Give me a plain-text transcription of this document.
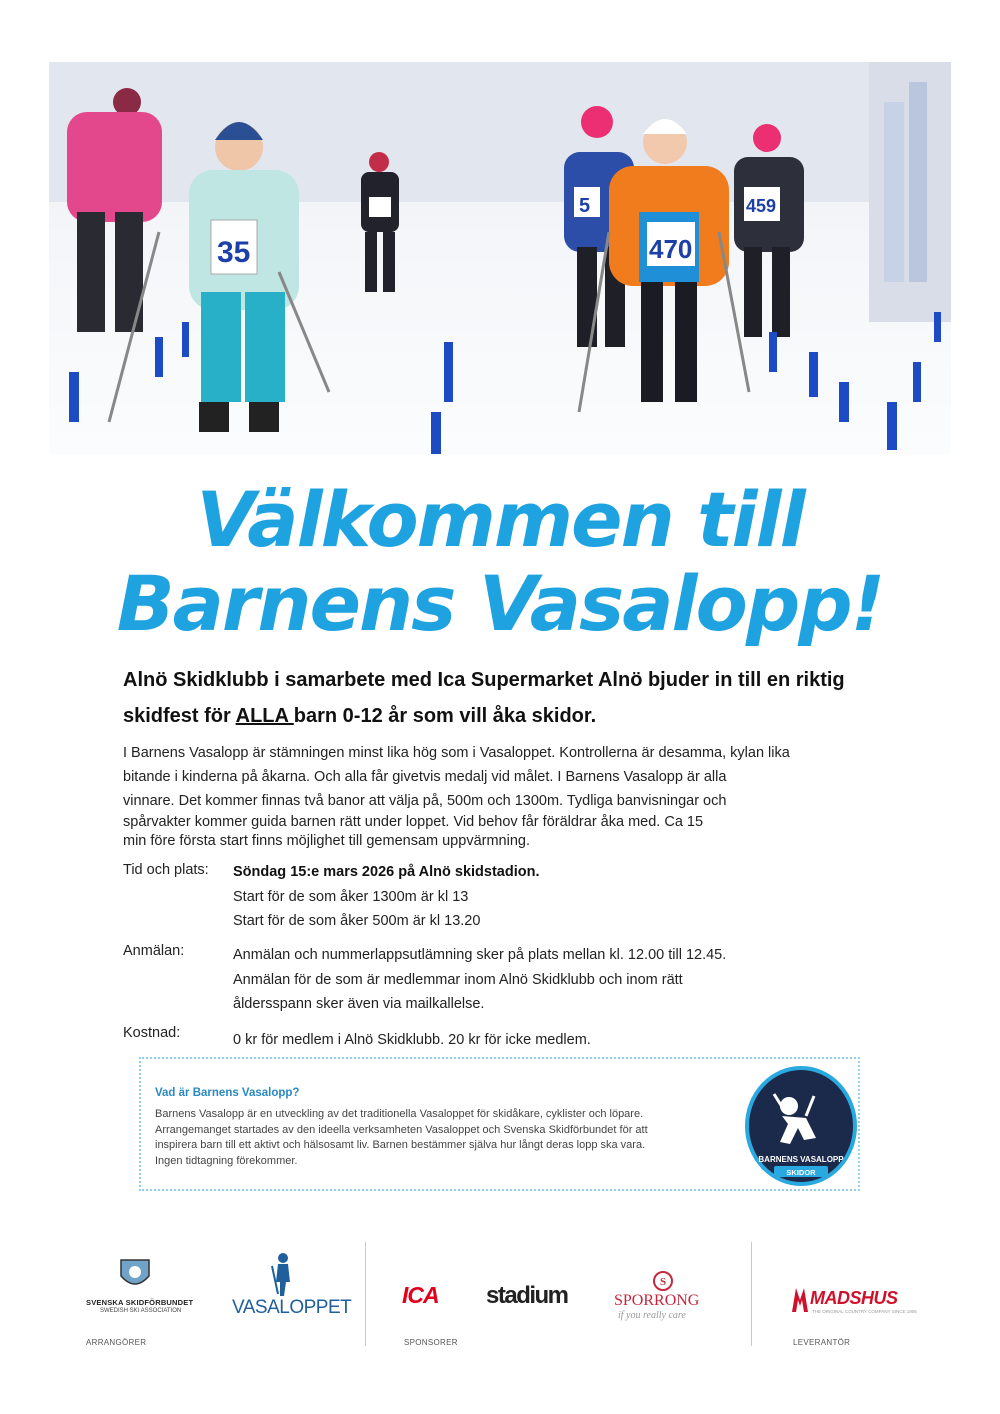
35
5
470
459
Välkommen till
Barnens Vasalopp!
Alnö Skidklubb i samarbete med Ica Supermarket Alnö bjuder in till en riktig skidfest för ALLA barn 0-12 år som vill åka skidor.
I Barnens Vasalopp är stämningen minst lika hög som i Vasaloppet. Kontrollerna är desamma, kylan lika
bitande i kinderna på åkarna. Och alla får givetvis medalj vid målet. I Barnens Vasalopp är alla
vinnare. Det kommer finnas två banor att välja på, 500m och 1300m. Tydliga banvisningar och
spårvakter kommer guida barnen rätt under loppet. Vid behov får föräldrar åka med. Ca 15
min före första start finns möjlighet till gemensam uppvärmning.
Tid och plats:	Söndag 15:e mars 2026 på Alnö skidstadion.
Start för de som åker 1300m är kl 13
Start för de som åker 500m är kl 13.20
Anmälan:	Anmälan och nummerlappsutlämning sker på plats mellan kl. 12.00 till 12.45.
Anmälan för de som är medlemmar inom Alnö Skidklubb och inom rätt
åldersspann sker även via mailkallelse.
Kostnad:	0 kr för medlem i Alnö Skidklubb. 20 kr för icke medlem.
Vad är Barnens Vasalopp?
Barnens Vasalopp är en utveckling av det traditionella Vasaloppet för skidåkare, cyklister och löpare.
Arrangemanget startades av den ideella verksamheten Vasaloppet och Svenska Skidförbundet för att
inspirera barn till ett aktivt och hälsosamt liv. Barnen bestämmer själva hur långt deras lopp ska vara.
Ingen tidtagning förekommer.	BARNENS VASALOPP
SKIDOR
SVENSKA SKIDFÖRBUNDET
SWEDISH SKI ASSOCIATION
ARRANGÖRER
VASALOPPET ICA
SPONSORER
stadium	S
SPORRONG
if you really care
MADSHUS
THE ORIGINAL COUNTRY COMPANY SINCE 1906
LEVERANTÖR
